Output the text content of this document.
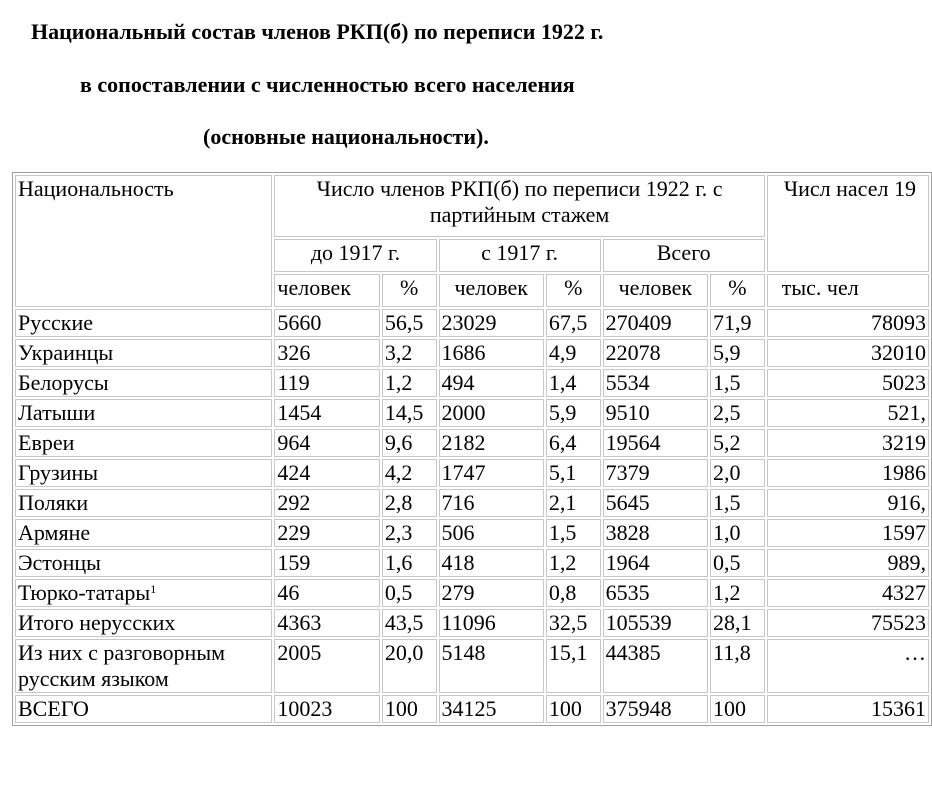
Национальный состав членов РКП(б) по переписи 1922 г.
в сопоставлении с численностью всего населения
(основные национальности).
Национальность	Число членов РКП(б) по переписи 1922 г. с партийным стажем						Числ насел 19
	до 1917 г.		с 1917 г.		Всего		
	человек	%	человек	%	человек	%	тыс. чел
Русские	5660	56,5	23029	67,5	270409	71,9	78093
Украинцы	326	3,2	1686	4,9	22078	5,9	32010
Белорусы	119	1,2	494	1,4	5534	1,5	5023
Латыши	1454	14,5	2000	5,9	9510	2,5	521,
Евреи	964	9,6	2182	6,4	19564	5,2	3219
Грузины	424	4,2	1747	5,1	7379	2,0	1986
Поляки	292	2,8	716	2,1	5645	1,5	916,
Армяне	229	2,3	506	1,5	3828	1,0	1597
Эстонцы	159	1,6	418	1,2	1964	0,5	989,
Тюрко-татары$^1$	46	0,5	279	0,8	6535	1,2	4327
Итого нерусских	4363	43,5	11096	32,5	105539	28,1	75523
Из них с разговорным русским языком	2005	20,0	5148	15,1	44385	11,8	…
ВСЕГО	10023	100	34125	100	375948	100	15361
